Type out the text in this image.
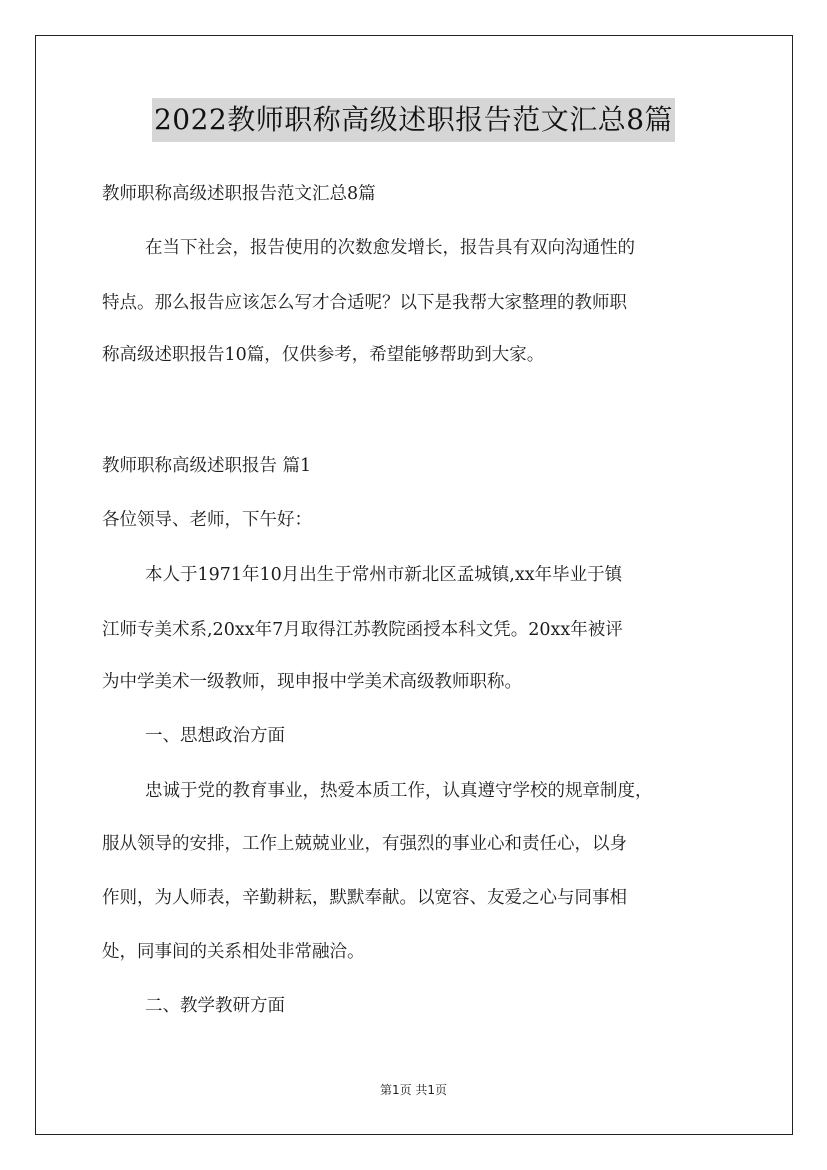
2022教师职称高级述职报告范文汇总8篇
教师职称高级述职报告范文汇总8篇
在当下社会，报告使用的次数愈发增长，报告具有双向沟通性的
特点。那么报告应该怎么写才合适呢？以下是我帮大家整理的教师职
称高级述职报告10篇，仅供参考，希望能够帮助到大家。
教师职称高级述职报告 篇1
各位领导、老师，下午好：
本人于1971年10月出生于常州市新北区孟城镇,xx年毕业于镇
江师专美术系,20xx年7月取得江苏教院函授本科文凭。20xx年被评
为中学美术一级教师，现申报中学美术高级教师职称。
一、思想政治方面
忠诚于党的教育事业，热爱本质工作，认真遵守学校的规章制度，
服从领导的安排，工作上兢兢业业，有强烈的事业心和责任心，以身
作则，为人师表，辛勤耕耘，默默奉献。以宽容、友爱之心与同事相
处，同事间的关系相处非常融洽。
二、教学教研方面
第1页 共1页
